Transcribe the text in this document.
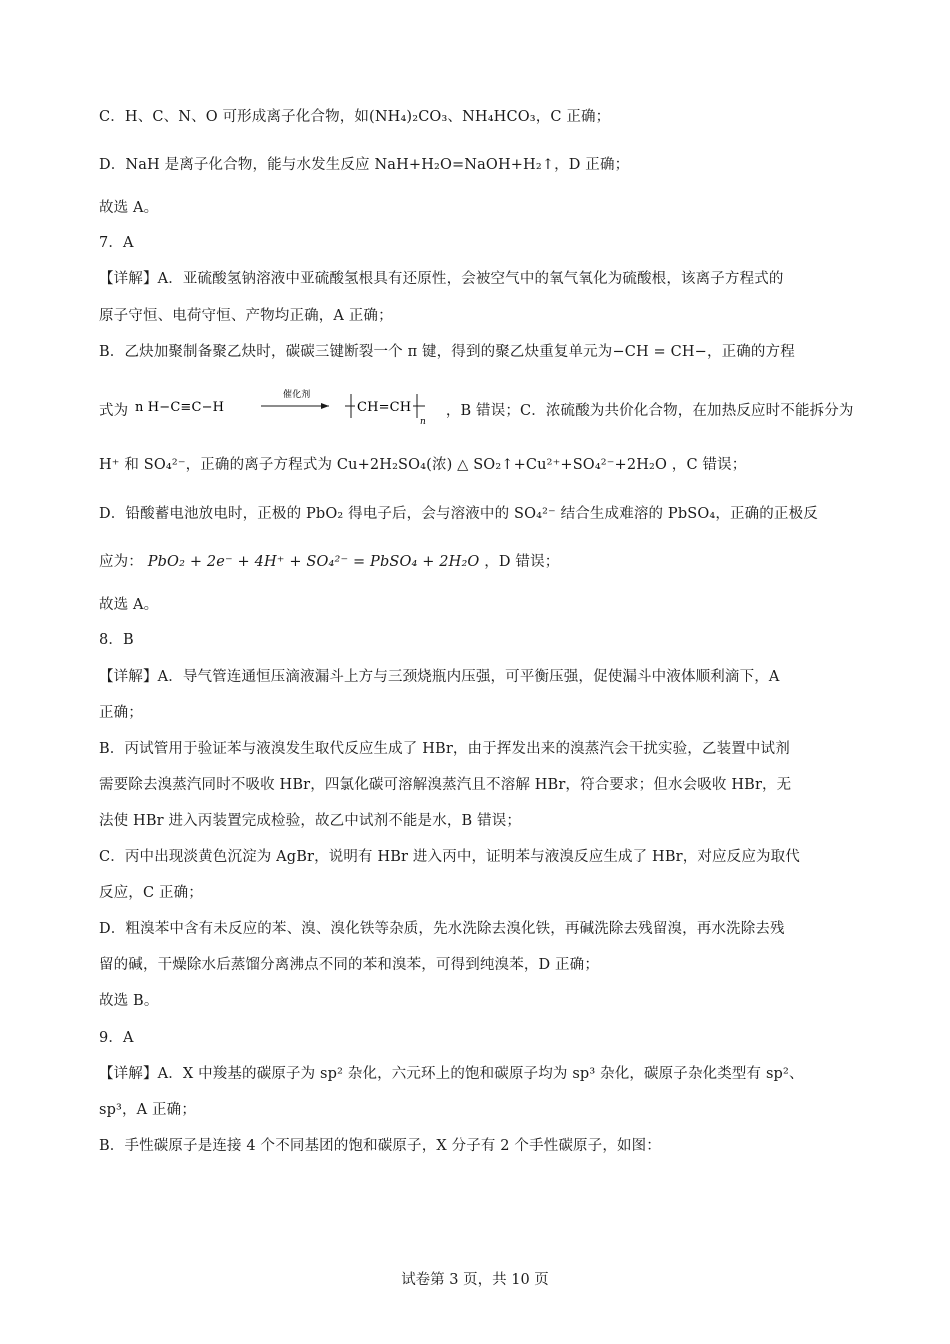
C．H、C、N、O 可形成离子化合物，如(NH₄)₂CO₃、NH₄HCO₃，C 正确；
D．NaH 是离子化合物，能与水发生反应 NaH+H₂O=NaOH+H₂↑，D 正确；
故选 A。
7．A
【详解】A．亚硫酸氢钠溶液中亚硫酸氢根具有还原性，会被空气中的氧气氧化为硫酸根，该离子方程式的
原子守恒、电荷守恒、产物均正确，A 正确；
B．乙炔加聚制备聚乙炔时，碳碳三键断裂一个 π 键，得到的聚乙炔重复单元为−CH = CH−，正确的方程
式为 n H−C≡C−H
催化剂
CH=CH
n
，B 错误；C．浓硫酸为共价化合物，在加热反应时不能拆分为
H⁺ 和 SO₄²⁻，正确的离子方程式为 Cu+2H₂SO₄(浓) △ SO₂↑+Cu²⁺+SO₄²⁻+2H₂O ，C 错误；
D．铅酸蓄电池放电时，正极的 PbO₂ 得电子后，会与溶液中的 SO₄²⁻ 结合生成难溶的 PbSO₄，正确的正极反
应为： PbO₂ + 2e⁻ + 4H⁺ + SO₄²⁻ = PbSO₄ + 2H₂O ，D 错误；
故选 A。
8．B
【详解】A．导气管连通恒压滴液漏斗上方与三颈烧瓶内压强，可平衡压强，促使漏斗中液体顺利滴下，A
正确；
B．丙试管用于验证苯与液溴发生取代反应生成了 HBr，由于挥发出来的溴蒸汽会干扰实验，乙装置中试剂
需要除去溴蒸汽同时不吸收 HBr，四氯化碳可溶解溴蒸汽且不溶解 HBr，符合要求；但水会吸收 HBr，无
法使 HBr 进入丙装置完成检验，故乙中试剂不能是水，B 错误；
C．丙中出现淡黄色沉淀为 AgBr，说明有 HBr 进入丙中，证明苯与液溴反应生成了 HBr，对应反应为取代
反应，C 正确；
D．粗溴苯中含有未反应的苯、溴、溴化铁等杂质，先水洗除去溴化铁，再碱洗除去残留溴，再水洗除去残
留的碱，干燥除水后蒸馏分离沸点不同的苯和溴苯，可得到纯溴苯，D 正确；
故选 B。
9．A
【详解】A．X 中羧基的碳原子为 sp² 杂化，六元环上的饱和碳原子均为 sp³ 杂化，碳原子杂化类型有 sp²、
sp³，A 正确；
B．手性碳原子是连接 4 个不同基团的饱和碳原子，X 分子有 2 个手性碳原子，如图：
试卷第 3 页，共 10 页
